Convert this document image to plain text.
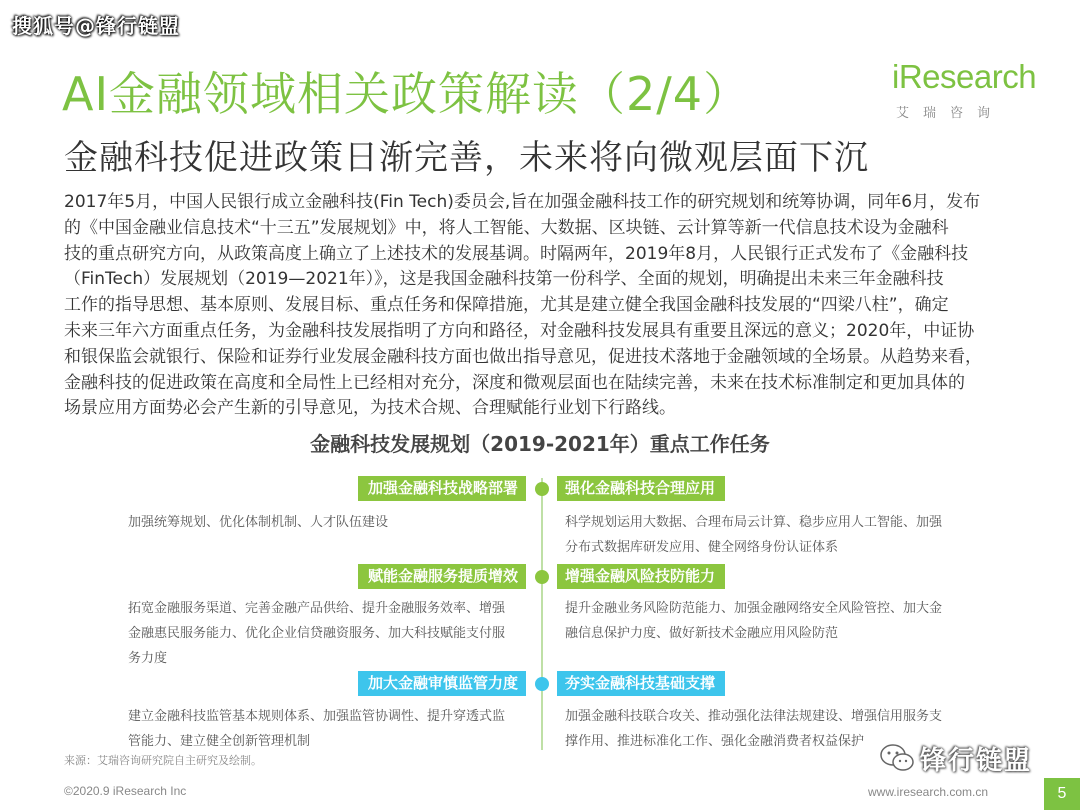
搜狐号@锋行链盟
AI金融领域相关政策解读（2/4）
金融科技促进政策日渐完善，未来将向微观层面下沉
iResearch
艾瑞咨询
2017年5月，中国人民银行成立金融科技(Fin Tech)委员会,旨在加强金融科技工作的研究规划和统筹协调，同年6月，发布
的《中国金融业信息技术“十三五”发展规划》中，将人工智能、大数据、区块链、云计算等新一代信息技术设为金融科
技的重点研究方向，从政策高度上确立了上述技术的发展基调。时隔两年，2019年8月，人民银行正式发布了《金融科技
（FinTech）发展规划（2019—2021年）》，这是我国金融科技第一份科学、全面的规划，明确提出未来三年金融科技
工作的指导思想、基本原则、发展目标、重点任务和保障措施，尤其是建立健全我国金融科技发展的“四梁八柱”，确定
未来三年六方面重点任务，为金融科技发展指明了方向和路径，对金融科技发展具有重要且深远的意义；2020年，中证协
和银保监会就银行、保险和证券行业发展金融科技方面也做出指导意见，促进技术落地于金融领域的全场景。从趋势来看，
金融科技的促进政策在高度和全局性上已经相对充分，深度和微观层面也在陆续完善，未来在技术标准制定和更加具体的
场景应用方面势必会产生新的引导意见，为技术合规、合理赋能行业划下行路线。
金融科技发展规划（2019-2021年）重点工作任务
加强金融科技战略部署	强化金融科技合理应用
加强统筹规划、优化体制机制、人才队伍建设	科学规划运用大数据、合理布局云计算、稳步应用人工智能、加强
分布式数据库研发应用、健全网络身份认证体系
赋能金融服务提质增效	增强金融风险技防能力
拓宽金融服务渠道、完善金融产品供给、提升金融服务效率、增强
金融惠民服务能力、优化企业信贷融资服务、加大科技赋能支付服
务力度
提升金融业务风险防范能力、加强金融网络安全风险管控、加大金
融信息保护力度、做好新技术金融应用风险防范
加大金融审慎监管力度	夯实金融科技基础支撑
建立金融科技监管基本规则体系、加强监管协调性、提升穿透式监
管能力、建立健全创新管理机制
加强金融科技联合攻关、推动强化法律法规建设、增强信用服务支
撑作用、推进标准化工作、强化金融消费者权益保护
来源：艾瑞咨询研究院自主研究及绘制。	锋行链盟
©2020.9 iResearch Inc	www.iresearch.com.cn	5
